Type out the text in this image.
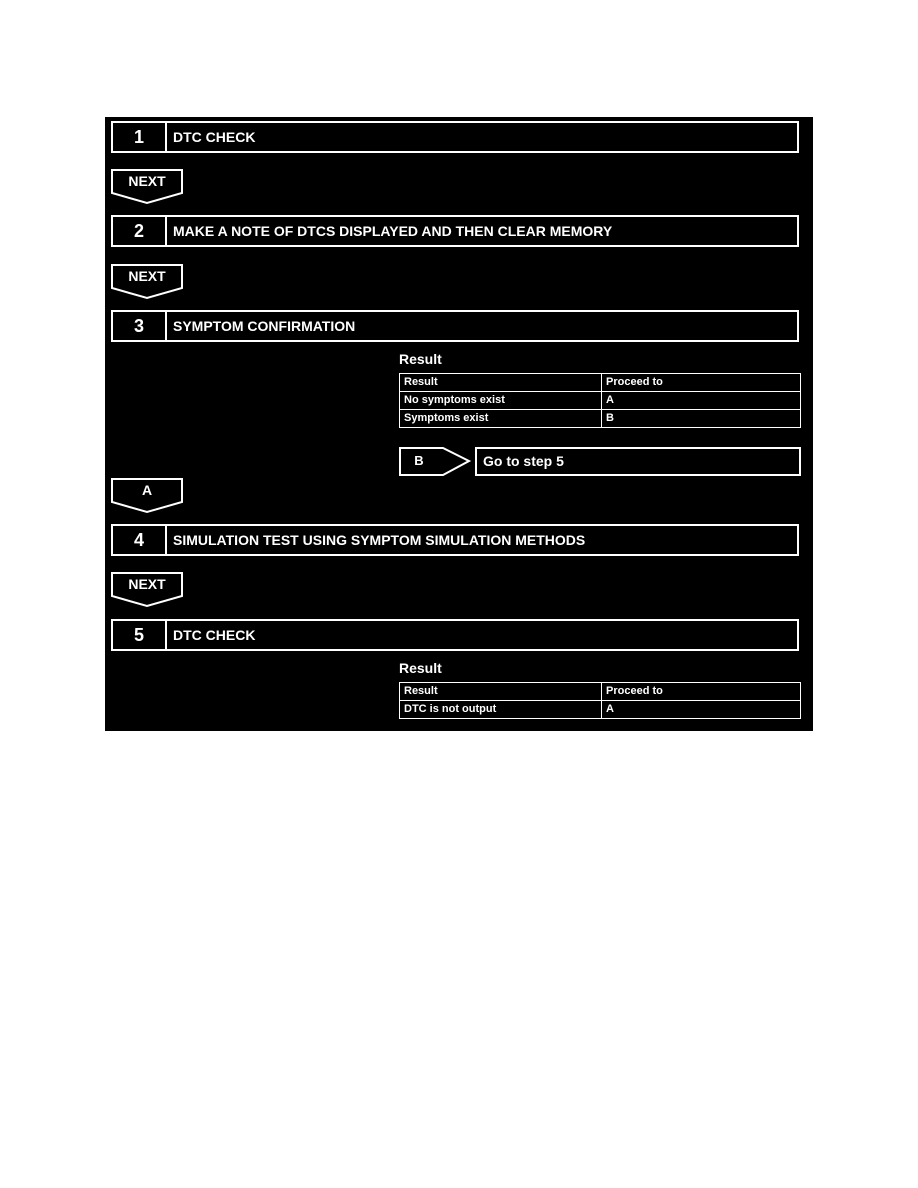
1	DTC CHECK
NEXT
2	MAKE A NOTE OF DTCS DISPLAYED AND THEN CLEAR MEMORY
NEXT
3	SYMPTOM CONFIRMATION
Result
Result	Proceed to
No symptoms exist	A
Symptoms exist	B
B	Go to step 5
A
4	SIMULATION TEST USING SYMPTOM SIMULATION METHODS
NEXT
5	DTC CHECK
Result
Result	Proceed to
DTC is not output	A
